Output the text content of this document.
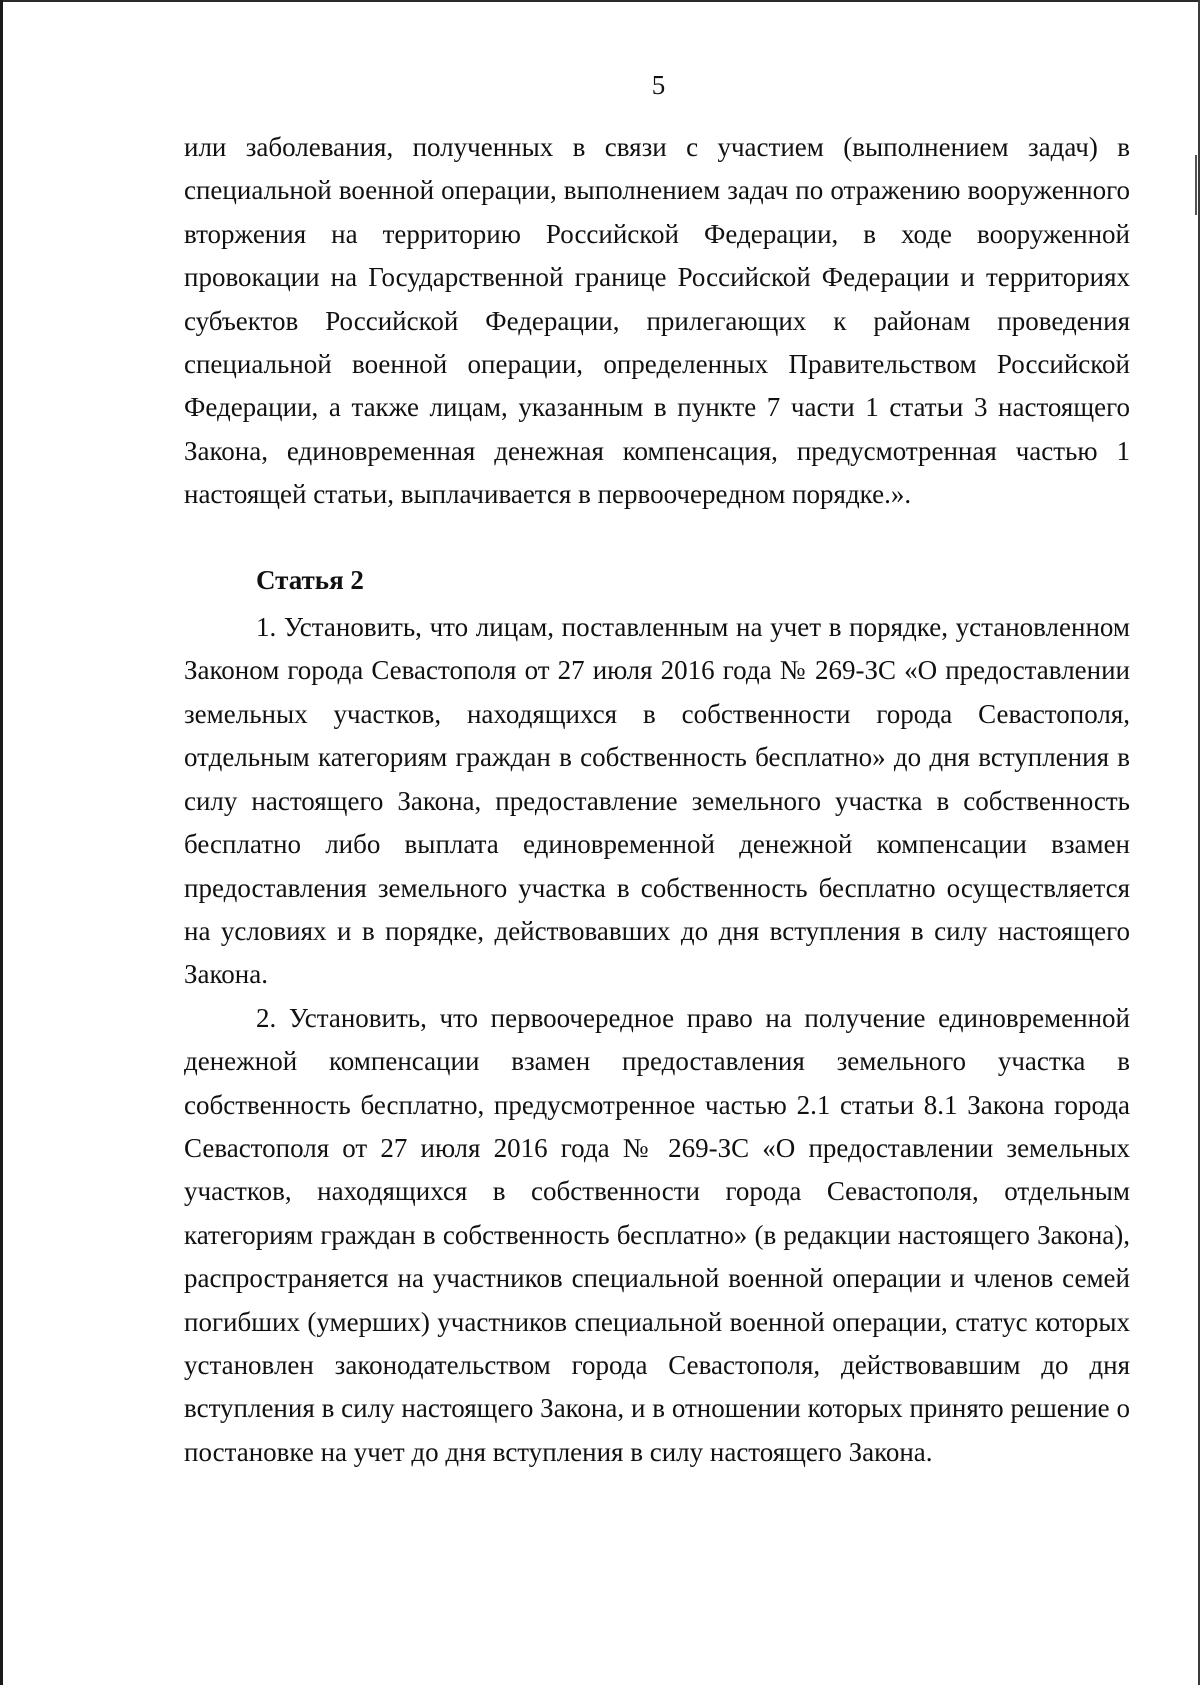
5

или заболевания, полученных в связи с участием (выполнением задач) в специальной военной операции, выполнением задач по отражению вооруженного вторжения на территорию Российской Федерации, в ходе вооруженной провокации на Государственной границе Российской Федерации и территориях субъектов Российской Федерации, прилегающих к районам проведения специальной военной операции, определенных Правительством Российской Федерации, а также лицам, указанным в пункте 7 части 1 статьи 3 настоящего Закона, единовременная денежная компенсация, предусмотренная частью 1 настоящей статьи, выплачивается в первоочередном порядке.».

Статья 2

1. Установить, что лицам, поставленным на учет в порядке, установленном Законом города Севастополя от 27 июля 2016 года № 269-ЗС «О предоставлении земельных участков, находящихся в собственности города Севастополя, отдельным категориям граждан в собственность бесплатно» до дня вступления в силу настоящего Закона, предоставление земельного участка в собственность бесплатно либо выплата единовременной денежной компенсации взамен предоставления земельного участка в собственность бесплатно осуществляется на условиях и в порядке, действовавших до дня вступления в силу настоящего Закона.

2. Установить, что первоочередное право на получение единовременной денежной компенсации взамен предоставления земельного участка в собственность бесплатно, предусмотренное частью 2.1 статьи 8.1 Закона города Севастополя от 27 июля 2016 года № 269-ЗС «О предоставлении земельных участков, находящихся в собственности города Севастополя, отдельным категориям граждан в собственность бесплатно» (в редакции настоящего Закона), распространяется на участников специальной военной операции и членов семей погибших (умерших) участников специальной военной операции, статус которых установлен законодательством города Севастополя, действовавшим до дня вступления в силу настоящего Закона, и в отношении которых принято решение о постановке на учет до дня вступления в силу настоящего Закона.
